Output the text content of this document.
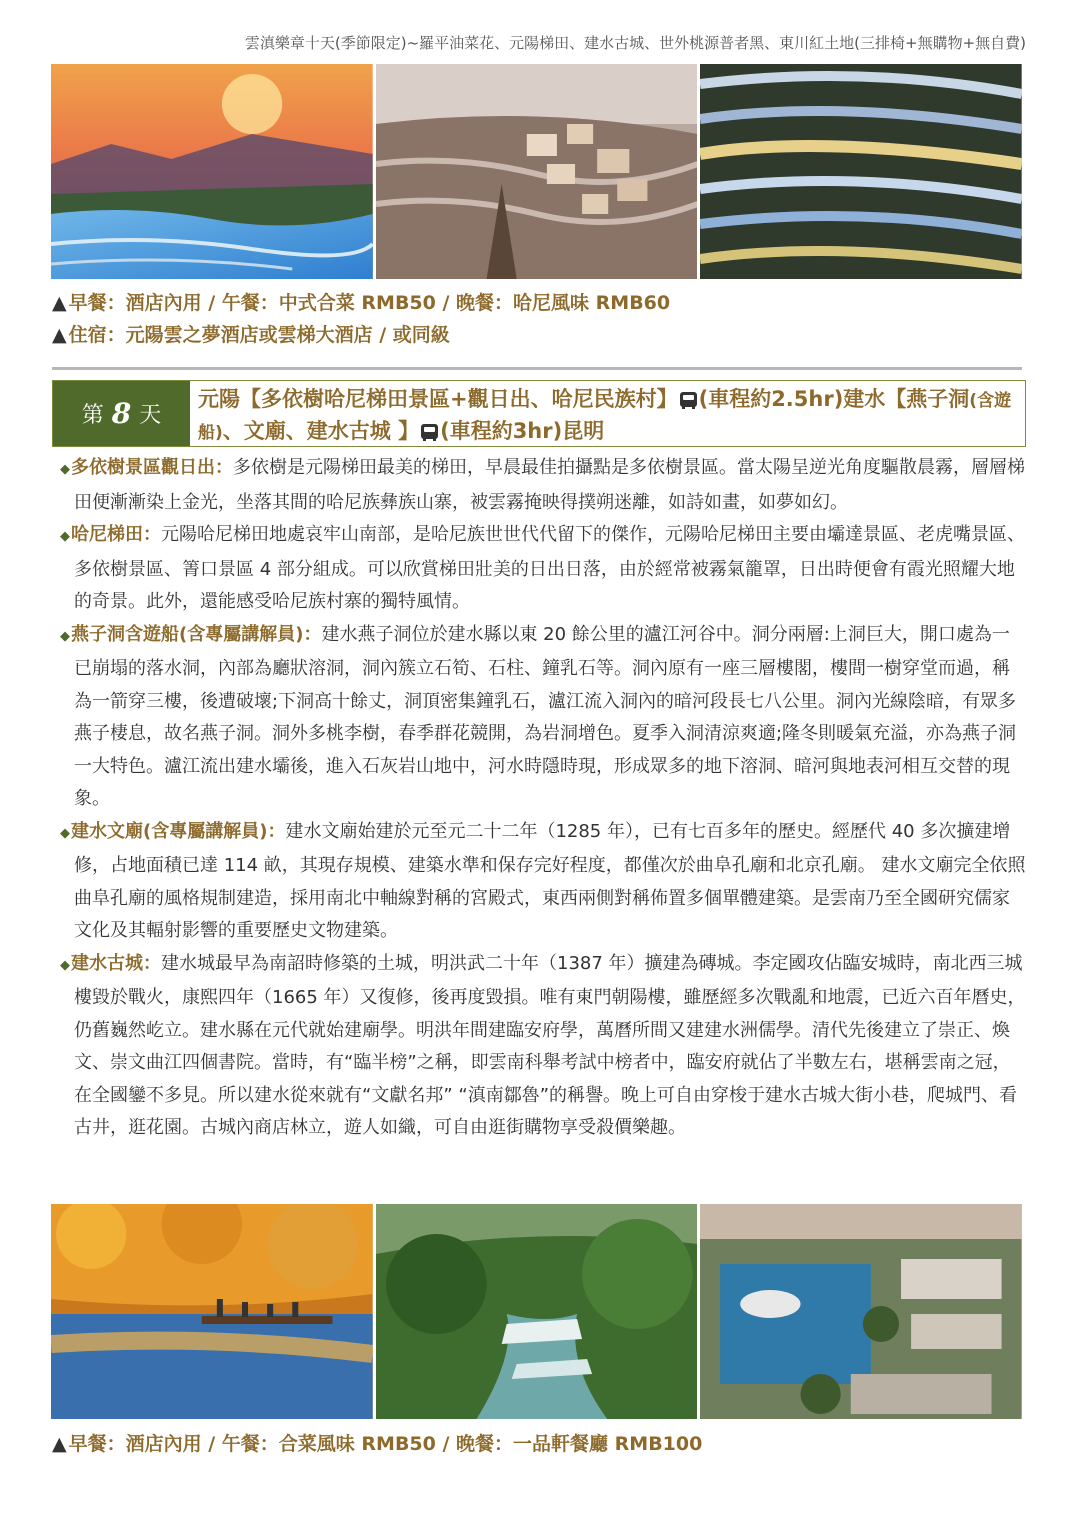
雲滇樂章十天(季節限定)~羅平油菜花、元陽梯田、建水古城、世外桃源普者黑、東川紅土地(三排椅+無購物+無自費)
▲ 早餐：酒店內用 / 午餐：中式合菜 RMB50 / 晚餐：哈尼風味 RMB60
▲ 住宿：元陽雲之夢酒店或雲梯大酒店 / 或同級
第 8 天
元陽【多依樹哈尼梯田景區+觀日出、哈尼民族村】 (車程約2.5hr)建水【燕子洞(含遊船)、文廟、建水古城 】 (車程約3hr)昆明

◆多依樹景區觀日出：多依樹是元陽梯田最美的梯田，早晨最佳拍攝點是多依樹景區。當太陽呈逆光角度驅散晨霧，層層梯田便漸漸染上金光，坐落其間的哈尼族彝族山寨，被雲霧掩映得撲朔迷離，如詩如畫，如夢如幻。

◆哈尼梯田：元陽哈尼梯田地處哀牢山南部，是哈尼族世世代代留下的傑作，元陽哈尼梯田主要由壩達景區、老虎嘴景區、多依樹景區、箐口景區 4 部分組成。可以欣賞梯田壯美的日出日落，由於經常被霧氣籠罩，日出時便會有霞光照耀大地的奇景。此外，還能感受哈尼族村寨的獨特風情。

◆燕子洞含遊船(含專屬講解員)：建水燕子洞位於建水縣以東 20 餘公里的瀘江河谷中。洞分兩層:上洞巨大，開口處為一已崩塌的落水洞，內部為廳狀溶洞，洞內簇立石筍、石柱、鐘乳石等。洞內原有一座三層樓閣，樓間一樹穿堂而過，稱為一箭穿三樓，後遭破壞;下洞高十餘丈，洞頂密集鐘乳石，瀘江流入洞內的暗河段長七八公里。洞內光線陰暗，有眾多燕子棲息，故名燕子洞。洞外多桃李樹，春季群花競開，為岩洞增色。夏季入洞清涼爽適;隆冬則暖氣充溢，亦為燕子洞一大特色。瀘江流出建水壩後，進入石灰岩山地中，河水時隱時現，形成眾多的地下溶洞、暗河與地表河相互交替的現象。

◆建水文廟(含專屬講解員)：建水文廟始建於元至元二十二年（1285 年），已有七百多年的歷史。經歷代 40 多次擴建增修，占地面積已達 114 畝，其現存規模、建築水準和保存完好程度，都僅次於曲阜孔廟和北京孔廟。 建水文廟完全依照曲阜孔廟的風格規制建造，採用南北中軸線對稱的宮殿式，東西兩側對稱佈置多個單體建築。是雲南乃至全國研究儒家文化及其輻射影響的重要歷史文物建築。

◆建水古城：建水城最早為南詔時修築的土城，明洪武二十年（1387 年）擴建為磚城。李定國攻佔臨安城時，南北西三城樓毀於戰火，康熙四年（1665 年）又復修，後再度毀損。唯有東門朝陽樓，雖歷經多次戰亂和地震，已近六百年曆史，仍舊巍然屹立。建水縣在元代就始建廟學。明洪年間建臨安府學，萬曆所間又建建水洲儒學。清代先後建立了崇正、煥文、崇文曲江四個書院。當時，有“臨半榜”之稱，即雲南科舉考試中榜者中，臨安府就佔了半數左右，堪稱雲南之冠，在全國鑾不多見。所以建水從來就有“文獻名邦” “滇南鄒魯”的稱譽。晚上可自由穿梭于建水古城大街小巷，爬城門、看古井，逛花園。古城內商店林立，遊人如織，可自由逛街購物享受殺價樂趣。

▲ 早餐：酒店內用 / 午餐：合菜風味 RMB50 / 晚餐：一品軒餐廳 RMB100
